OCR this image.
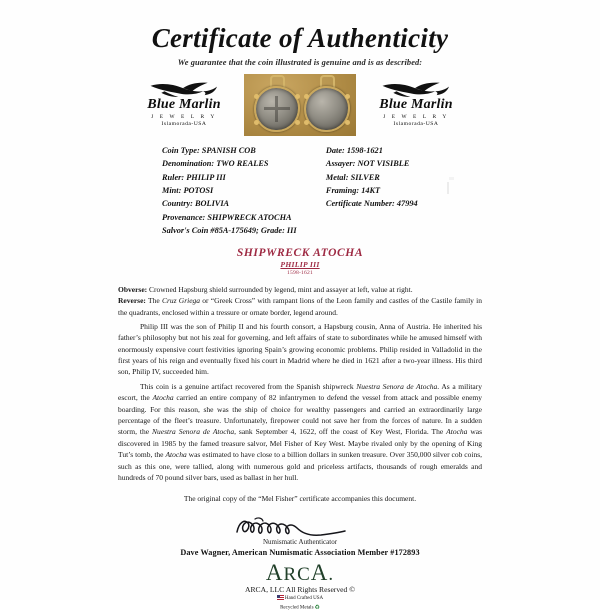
Certificate of Authenticity
We guarantee that the coin illustrated is genuine and is as described:
Blue Marlin
J E W E L R Y
Islamorada-USA
Blue Marlin
J E W E L R Y
Islamorada-USA
Coin Type: SPANISH COB
Denomination: TWO REALES
Ruler: PHILIP III
Mint: POTOSI
Country: BOLIVIA
Provenance: SHIPWRECK ATOCHA
Salvor's Coin #85A-175649; Grade: III
Date: 1598-1621
Assayer: NOT VISIBLE
Metal: SILVER
Framing: 14KT
Certificate Number: 47994
SHIPWRECK ATOCHA
PHILIP III
1598-1621

Obverse: Crowned Hapsburg shield surrounded by legend, mint and assayer at left, value at right.

Reverse: The Cruz Griega or “Greek Cross” with rampant lions of the Leon family and castles of the Castile family in the quadrants, enclosed within a tressure or ornate border, legend around.

Philip III was the son of Philip II and his fourth consort, a Hapsburg cousin, Anna of Austria. He inherited his father’s philosophy but not his zeal for governing, and left affairs of state to subordinates while he amused himself with enormously expensive court festivities ignoring Spain’s growing economic problems. Philip resided in Valladolid in the first years of his reign and eventually fixed his court in Madrid where he died in 1621 after a two-year illness. His third son, Philip IV, succeeded him.

This coin is a genuine artifact recovered from the Spanish shipwreck Nuestra Senora de Atocha. As a military escort, the Atocha carried an entire company of 82 infantrymen to defend the vessel from attack and possible enemy boarding. For this reason, she was the ship of choice for wealthy passengers and carried an extraordinarily large percentage of the fleet’s treasure. Unfortunately, firepower could not save her from the forces of nature. In a sudden storm, the Nuestra Senora de Atocha, sank September 4, 1622, off the coast of Key West, Florida. The Atocha was discovered in 1985 by the famed treasure salvor, Mel Fisher of Key West. Maybe rivaled only by the opening of King Tut’s tomb, the Atocha was estimated to have close to a billion dollars in sunken treasure. Over 350,000 silver cob coins, such as this one, were tallied, along with numerous gold and priceless artifacts, thousands of rough emeralds and hundreds of 70 pound silver bars, used as ballast in her hull.

The original copy of the “Mel Fisher” certificate accompanies this document.
Numismatic Authenticator
Dave Wagner, American Numismatic Association Member #172893
ARCA.
ARCA, LLC All Rights Reserved ©
Hand Crafted USA
Recycled Metals♻
